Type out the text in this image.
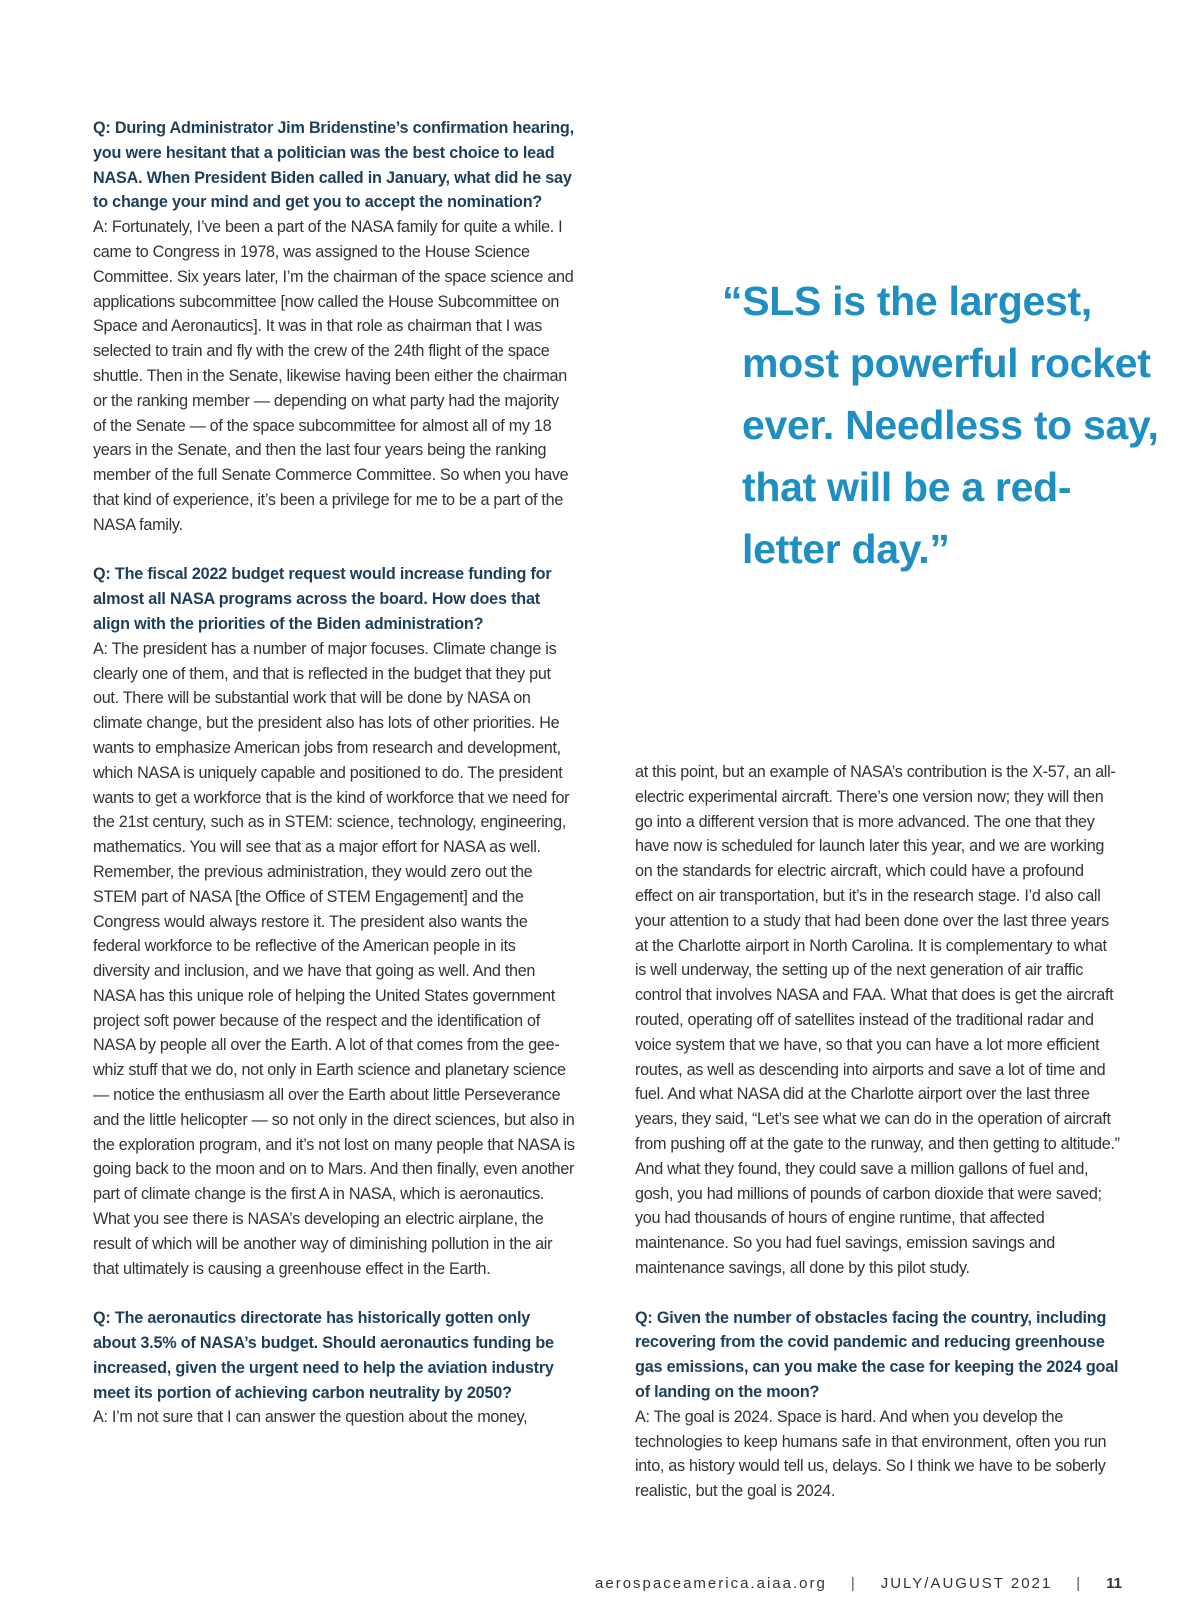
Q: During Administrator Jim Bridenstine’s confirmation hearing, you were hesitant that a politician was the best choice to lead NASA. When President Biden called in January, what did he say to change your mind and get you to accept the nomination?

A: Fortunately, I’ve been a part of the NASA family for quite a while. I came to Congress in 1978, was assigned to the House Science Committee. Six years later, I’m the chairman of the space science and applications subcommittee [now called the House Subcommittee on Space and Aeronautics]. It was in that role as chairman that I was selected to train and fly with the crew of the 24th flight of the space shuttle. Then in the Senate, likewise having been either the chairman or the ranking member — depending on what party had the majority of the Senate — of the space subcommittee for almost all of my 18 years in the Senate, and then the last four years being the ranking member of the full Senate Commerce Committee. So when you have that kind of experience, it’s been a privilege for me to be a part of the NASA family.

Q: The fiscal 2022 budget request would increase funding for almost all NASA programs across the board. How does that align with the priorities of the Biden administration?

A: The president has a number of major focuses. Climate change is clearly one of them, and that is reflected in the budget that they put out. There will be substantial work that will be done by NASA on climate change, but the president also has lots of other priorities. He wants to emphasize American jobs from research and development, which NASA is uniquely capable and positioned to do. The president wants to get a workforce that is the kind of workforce that we need for the 21st century, such as in STEM: science, technology, engineering, mathematics. You will see that as a major effort for NASA as well. Remember, the previous administration, they would zero out the STEM part of NASA [the Office of STEM Engagement] and the Congress would always restore it. The president also wants the federal workforce to be reflective of the American people in its diversity and inclusion, and we have that going as well. And then NASA has this unique role of helping the United States government project soft power because of the respect and the identification of NASA by people all over the Earth. A lot of that comes from the gee-whiz stuff that we do, not only in Earth science and planetary science — notice the enthusiasm all over the Earth about little Perseverance and the little helicopter — so not only in the direct sciences, but also in the exploration program, and it’s not lost on many people that NASA is going back to the moon and on to Mars. And then finally, even another part of climate change is the first A in NASA, which is aeronautics. What you see there is NASA’s developing an electric airplane, the result of which will be another way of diminishing pollution in the air that ultimately is causing a greenhouse effect in the Earth.

Q: The aeronautics directorate has historically gotten only about 3.5% of NASA’s budget. Should aeronautics funding be increased, given the urgent need to help the aviation industry meet its portion of achieving carbon neutrality by 2050?

A: I’m not sure that I can answer the question about the money,

“SLS is the largest, most powerful rocket ever. Needless to say, that will be a red-letter day.”

at this point, but an example of NASA’s contribution is the X-57, an all-electric experimental aircraft. There’s one version now; they will then go into a different version that is more advanced. The one that they have now is scheduled for launch later this year, and we are working on the standards for electric aircraft, which could have a profound effect on air transportation, but it’s in the research stage. I’d also call your attention to a study that had been done over the last three years at the Charlotte airport in North Carolina. It is complementary to what is well underway, the setting up of the next generation of air traffic control that involves NASA and FAA. What that does is get the aircraft routed, operating off of satellites instead of the traditional radar and voice system that we have, so that you can have a lot more efficient routes, as well as descending into airports and save a lot of time and fuel. And what NASA did at the Charlotte airport over the last three years, they said, “Let’s see what we can do in the operation of aircraft from pushing off at the gate to the runway, and then getting to altitude.” And what they found, they could save a million gallons of fuel and, gosh, you had millions of pounds of carbon dioxide that were saved; you had thousands of hours of engine runtime, that affected maintenance. So you had fuel savings, emission savings and maintenance savings, all done by this pilot study.

Q: Given the number of obstacles facing the country, including recovering from the covid pandemic and reducing greenhouse gas emissions, can you make the case for keeping the 2024 goal of landing on the moon?

A: The goal is 2024. Space is hard. And when you develop the technologies to keep humans safe in that environment, often you run into, as history would tell us, delays. So I think we have to be soberly realistic, but the goal is 2024.

aerospaceamerica.aiaa.org | JULY/AUGUST 2021 | 11
